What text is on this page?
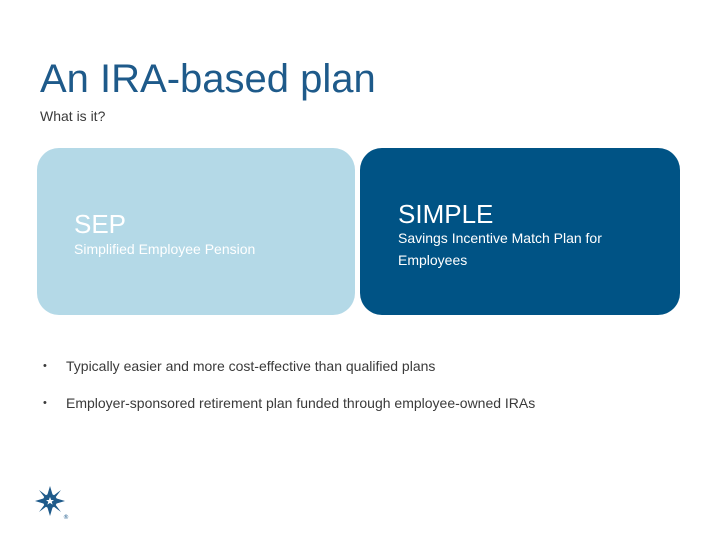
An IRA-based plan
What is it?
SEP
Simplified Employee Pension
SIMPLE
Savings Incentive Match Plan for Employees
• Typically easier and more cost-effective than qualified plans
• Employer-sponsored retirement plan funded through employee-owned IRAs
®
